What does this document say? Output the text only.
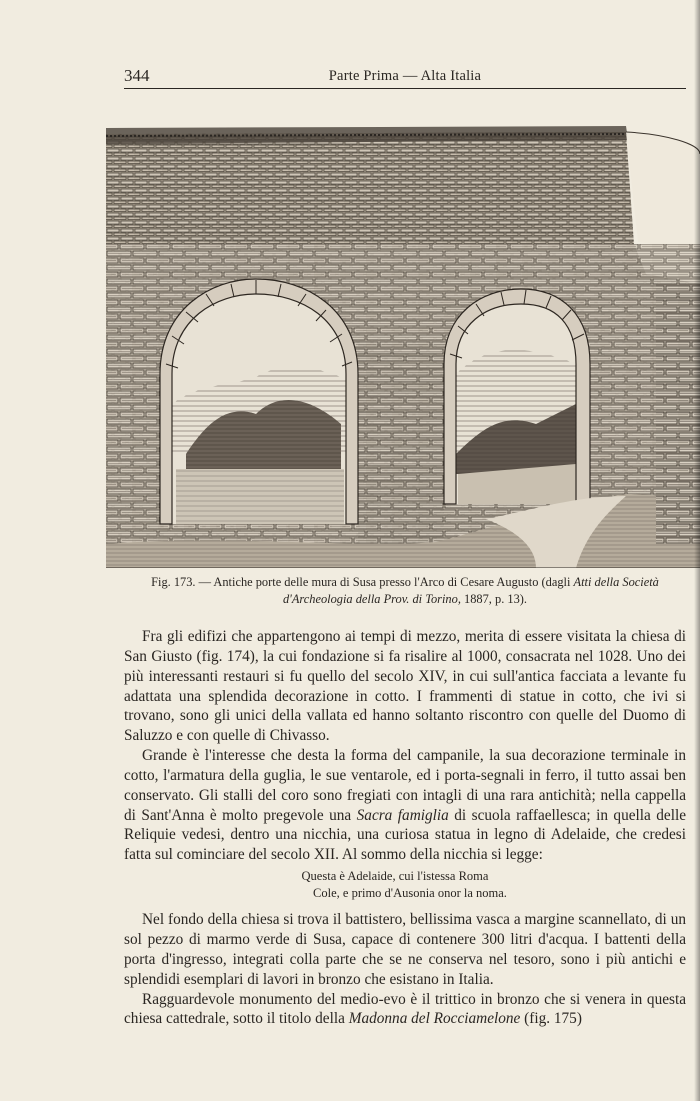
344	Parte Prima — Alta Italia
Fig. 173. — Antiche porte delle mura di Susa presso l'Arco di Cesare Augusto (dagli Atti della Società d'Archeologia della Prov. di Torino, 1887, p. 13).

Fra gli edifizi che appartengono ai tempi di mezzo, merita di essere visitata la chiesa di San Giusto (fig. 174), la cui fondazione si fa risalire al 1000, consacrata nel 1028. Uno dei più interessanti restauri si fu quello del secolo XIV, in cui sull'antica facciata a levante fu adattata una splendida decorazione in cotto. I frammenti di statue in cotto, che ivi si trovano, sono gli unici della vallata ed hanno soltanto riscontro con quelle del Duomo di Saluzzo e con quelle di Chivasso.

Grande è l'interesse che desta la forma del campanile, la sua decorazione terminale in cotto, l'armatura della guglia, le sue ventarole, ed i porta-segnali in ferro, il tutto assai ben conservato. Gli stalli del coro sono fregiati con intagli di una rara antichità; nella cappella di Sant'Anna è molto pregevole una Sacra famiglia di scuola raffaellesca; in quella delle Reliquie vedesi, dentro una nicchia, una curiosa statua in legno di Adelaide, che credesi fatta sul cominciare del secolo XII. Al sommo della nicchia si legge:

Questa è Adelaide, cui l'istessa Roma
Cole, e primo d'Ausonia onor la noma.

Nel fondo della chiesa si trova il battistero, bellissima vasca a margine scannellato, di un sol pezzo di marmo verde di Susa, capace di contenere 300 litri d'acqua. I battenti della porta d'ingresso, integrati colla parte che se ne conserva nel tesoro, sono i più antichi e splendidi esemplari di lavori in bronzo che esistano in Italia.

Ragguardevole monumento del medio-evo è il trittico in bronzo che si venera in questa chiesa cattedrale, sotto il titolo della Madonna del Rocciamelone (fig. 175)
